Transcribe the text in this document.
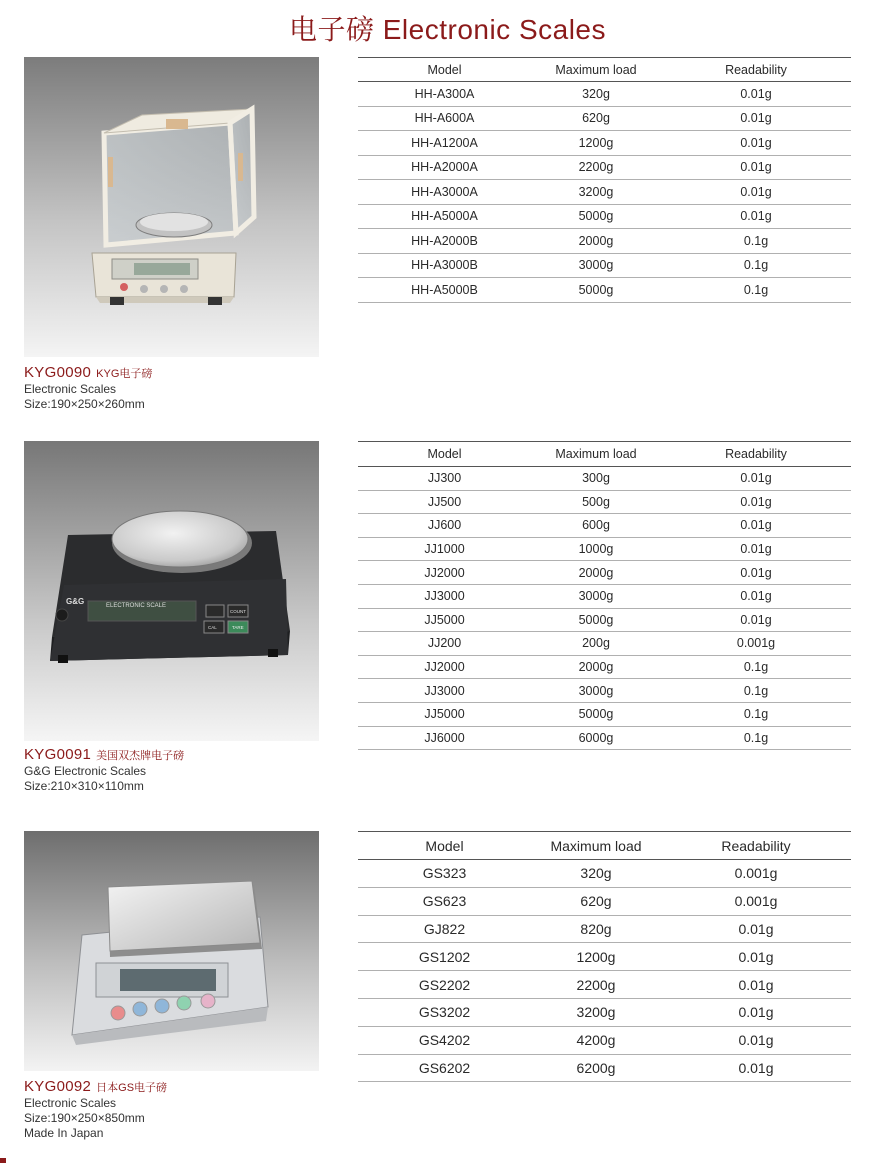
电子磅 Electronic Scales
KYG0090 KYG电子磅
Electronic Scales
Size:190×250×260mm
Model	Maximum load	Readability
HH-A300A	320g	0.01g
HH-A600A	620g	0.01g
HH-A1200A	1200g	0.01g
HH-A2000A	2200g	0.01g
HH-A3000A	3200g	0.01g
HH-A5000A	5000g	0.01g
HH-A2000B	2000g	0.1g
HH-A3000B	3000g	0.1g
HH-A5000B	5000g	0.1g
G&G	ELECTRONIC SCALE
COUNT
CAL	TARE
KYG0091 美国双杰牌电子磅
G&G Electronic Scales
Size:210×310×110mm
Model	Maximum load	Readability
JJ300	300g	0.01g
JJ500	500g	0.01g
JJ600	600g	0.01g
JJ1000	1000g	0.01g
JJ2000	2000g	0.01g
JJ3000	3000g	0.01g
JJ5000	5000g	0.01g
JJ200	200g	0.001g
JJ2000	2000g	0.1g
JJ3000	3000g	0.1g
JJ5000	5000g	0.1g
JJ6000	6000g	0.1g
KYG0092 日本GS电子磅
Electronic Scales
Size:190×250×850mm
Made In Japan
Model	Maximum load	Readability
GS323	320g	0.001g
GS623	620g	0.001g
GJ822	820g	0.01g
GS1202	1200g	0.01g
GS2202	2200g	0.01g
GS3202	3200g	0.01g
GS4202	4200g	0.01g
GS6202	6200g	0.01g
